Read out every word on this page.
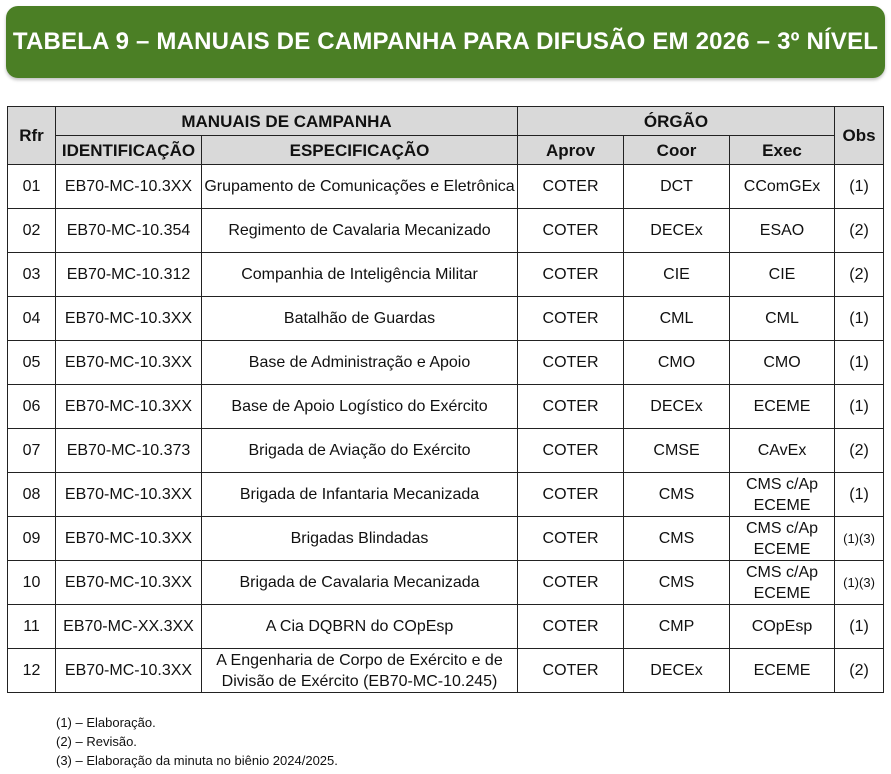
TABELA 9 – MANUAIS DE CAMPANHA PARA DIFUSÃO EM 2026 – 3º NÍVEL
Rfr	MANUAIS DE CAMPANHA		ÓRGÃO			Obs
	IDENTIFICAÇÃO	ESPECIFICAÇÃO	Aprov	Coor	Exec	
01	EB70-MC-10.3XX	Grupamento de Comunicações e Eletrônica	COTER	DCT	CComGEx	(1)
02	EB70-MC-10.354	Regimento de Cavalaria Mecanizado	COTER	DECEx	ESAO	(2)
03	EB70-MC-10.312	Companhia de Inteligência Militar	COTER	CIE	CIE	(2)
04	EB70-MC-10.3XX	Batalhão de Guardas	COTER	CML	CML	(1)
05	EB70-MC-10.3XX	Base de Administração e Apoio	COTER	CMO	CMO	(1)
06	EB70-MC-10.3XX	Base de Apoio Logístico do Exército	COTER	DECEx	ECEME	(1)
07	EB70-MC-10.373	Brigada de Aviação do Exército	COTER	CMSE	CAvEx	(2)
08	EB70-MC-10.3XX	Brigada de Infantaria Mecanizada	COTER	CMS	CMS c/Ap ECEME	(1)
09	EB70-MC-10.3XX	Brigadas Blindadas	COTER	CMS	CMS c/Ap ECEME	(1)(3)
10	EB70-MC-10.3XX	Brigada de Cavalaria Mecanizada	COTER	CMS	CMS c/Ap ECEME	(1)(3)
11	EB70-MC-XX.3XX	A Cia DQBRN do COpEsp	COTER	CMP	COpEsp	(1)
12	EB70-MC-10.3XX	A Engenharia de Corpo de Exército e de Divisão de Exército (EB70-MC-10.245)	COTER	DECEx	ECEME	(2)
(1) – Elaboração.
(2) – Revisão.
(3) – Elaboração da minuta no biênio 2024/2025.
